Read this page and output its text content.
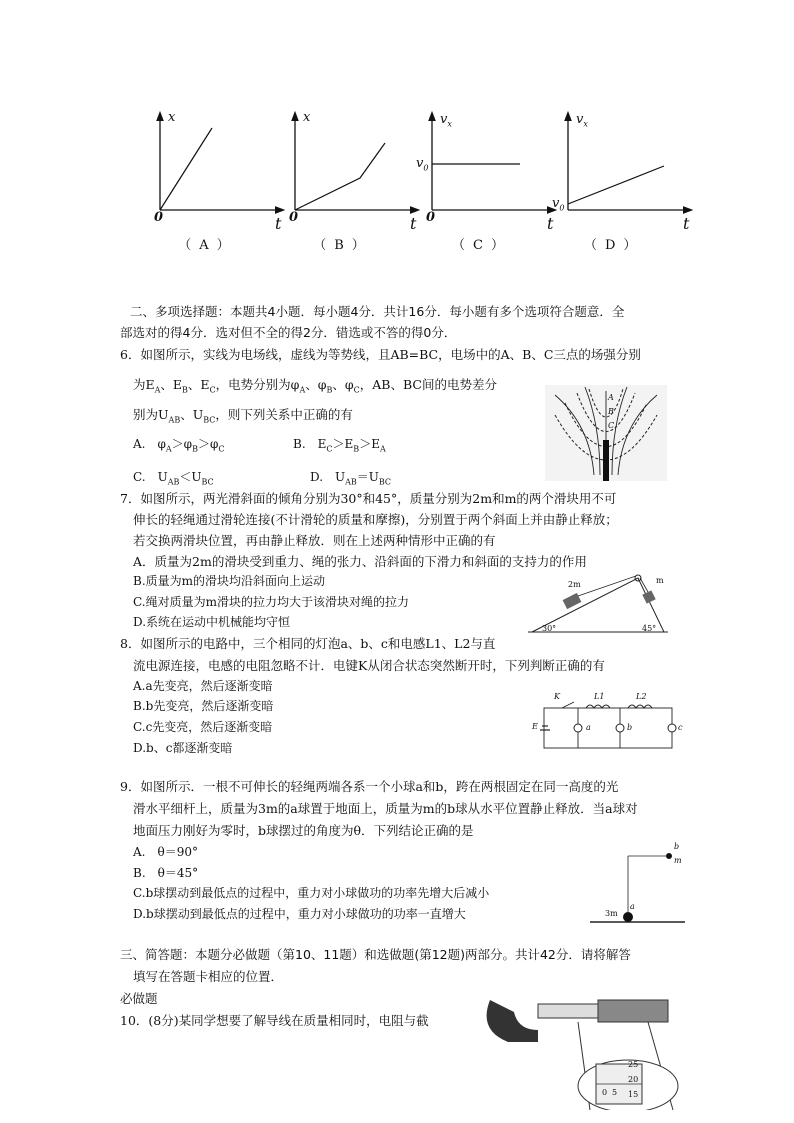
x
0	t
（A）
x
0	t
（B）
$v_x$
$v_0$
0	t
（C）
$v_x$
$v_0$
t
（D）
二、多项选择题：本题共4小题．每小题4分．共计16分．每小题有多个选项符合题意．全
部选对的得4分．选对但不全的得2分．错选或不答的得0分．
6．如图所示，实线为电场线，虚线为等势线，且AB=BC，电场中的A、B、C三点的场强分别
为$E_A$、$E_B$、$E_C$，电势分别为$\varphi_A$、$\varphi_B$、$\varphi_C$，AB、BC间的电势差分
别为$U_{AB}$、$U_{BC}$，则下列关系中正确的有
A.　$\varphi_A>\varphi_B>\varphi_C$	B.　$E_C>E_B>E_A$
C.　$U_{AB}<U_{BC}$	D.　$U_{AB}=U_{BC}$
A
B
C
7．如图所示，两光滑斜面的倾角分别为30°和45°，质量分别为2m和m的两个滑块用不可
伸长的轻绳通过滑轮连接(不计滑轮的质量和摩擦)，分别置于两个斜面上并由静止释放；
若交换两滑块位置，再由静止释放．则在上述两种情形中正确的有
A．质量为2m的滑块受到重力、绳的张力、沿斜面的下滑力和斜面的支持力的作用
B.质量为m的滑块均沿斜面向上运动
C.绳对质量为m滑块的拉力均大于该滑块对绳的拉力
D.系统在运动中机械能均守恒
2m	m
30°	45°
8．如图所示的电路中，三个相同的灯泡a、b、c和电感L1、L2与直
流电源连接，电感的电阻忽略不计．电键K从闭合状态突然断开时，下列判断正确的有
A.a先变亮，然后逐渐变暗
B.b先变亮，然后逐渐变暗
C.c先变亮，然后逐渐变暗
D.b、c都逐渐变暗
K	L1	L2
E	a	b	c
9．如图所示．一根不可伸长的轻绳两端各系一个小球a和b，跨在两根固定在同一高度的光
滑水平细杆上，质量为3m的a球置于地面上，质量为m的b球从水平位置静止释放．当a球对
地面压力刚好为零时，b球摆过的角度为θ．下列结论正确的是
A.　θ＝90°
B.　θ＝45°
C.b球摆动到最低点的过程中，重力对小球做功的功率先增大后减小
D.b球摆动到最低点的过程中，重力对小球做功的功率一直增大
b
m
3m
a
三、简答题：本题分必做题（第10、11题）和选做题(第12题)两部分。共计42分．请将解答
填写在答题卡相应的位置．
必做题
10．(8分)某同学想要了解导线在质量相同时，电阻与截
25
20
15
0 5
